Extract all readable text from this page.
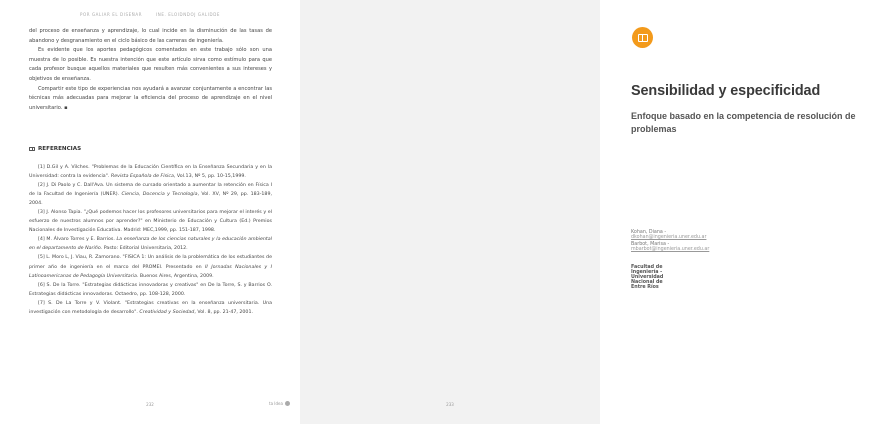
POR GALIAR EL DISEÑAR	INE. ELOIDNDOJ GALIDDE

del proceso de enseñanza y aprendizaje, lo cual incide en la disminución de las tasas de abandono y desgranamiento en el ciclo básico de las carreras de ingeniería.

Es evidente que los aportes pedagógicos comentados en este trabajo sólo son una muestra de lo posible. Es nuestra intención que este artículo sirva como estímulo para que cada profesor busque aquellos materiales que resulten más convenientes a sus intereses y objetivos de enseñanza.

Compartir este tipo de experiencias nos ayudará a avanzar conjuntamente a encontrar las técnicas más adecuadas para mejorar la eficiencia del proceso de aprendizaje en el nivel universitario. ▪

REFERENCIAS
[1] D.Gil y A. Vilches. "Problemas de la Educación Científica en la Enseñanza Secundaria y en la Universidad: contra la evidencia". Revista Española de Física, Vol.13, Nº 5, pp. 10-15,1999.
[2] J. Di Paolo y C. Dall'Ava. Un sistema de cursado orientado a aumentar la retención en Física I de la Facultad de Ingeniería (UNER). Ciencia, Docencia y Tecnología, Vol. XV, Nº 29, pp. 183-189, 2004.
[3] J. Alonso Tapia. "¿Qué podemos hacer los profesores universitarios para mejorar el interés y el esfuerzo de nuestros alumnos por aprender?" en Ministerio de Educación y Cultura (Ed.) Premios Nacionales de Investigación Educativa. Madrid: MEC,1999, pp. 151-187, 1998.
[4] M. Álvaro Torres y E. Barrios. La enseñanza de los ciencias naturales y la educación ambiental en el departamento de Nariño. Pasto: Editorial Universitaria, 2012.
[5] L. Moro L, J. Viau, R. Zamorano. "FISICA 1: Un análisis de la problemática de los estudiantes de primer año de ingeniería en el marco del PROMEI. Presentado en II Jornadas Nacionales y I Latinoamericanas de Pedagogía Universitaria. Buenos Aires, Argentina, 2009.
[6] S. De la Torre. "Estrategias didácticas innovadoras y creativas" en De la Torre, S. y Barrios O. Estrategias didácticas innovadoras. Octaedro, pp. 108-128, 2000.
[7] S. De La Torre y V. Violant. "Estrategias creativas en la enseñanza universitaria. Una investigación con metodología de desarrollo". Creatividad y Sociedad, Vol. 8, pp. 21-47, 2001.
232
Sensibilidad y especificidad
Enfoque basado en la competencia de resolución de problemas
Kohan, Diana - dkohan@ingenieria.uner.edu.ar
Barbot, Marisa - mbarbot@ingenieria.uner.edu.ar
Facultad de Ingeniería - Universidad Nacional de Entre Ríos
ta Idea	233
